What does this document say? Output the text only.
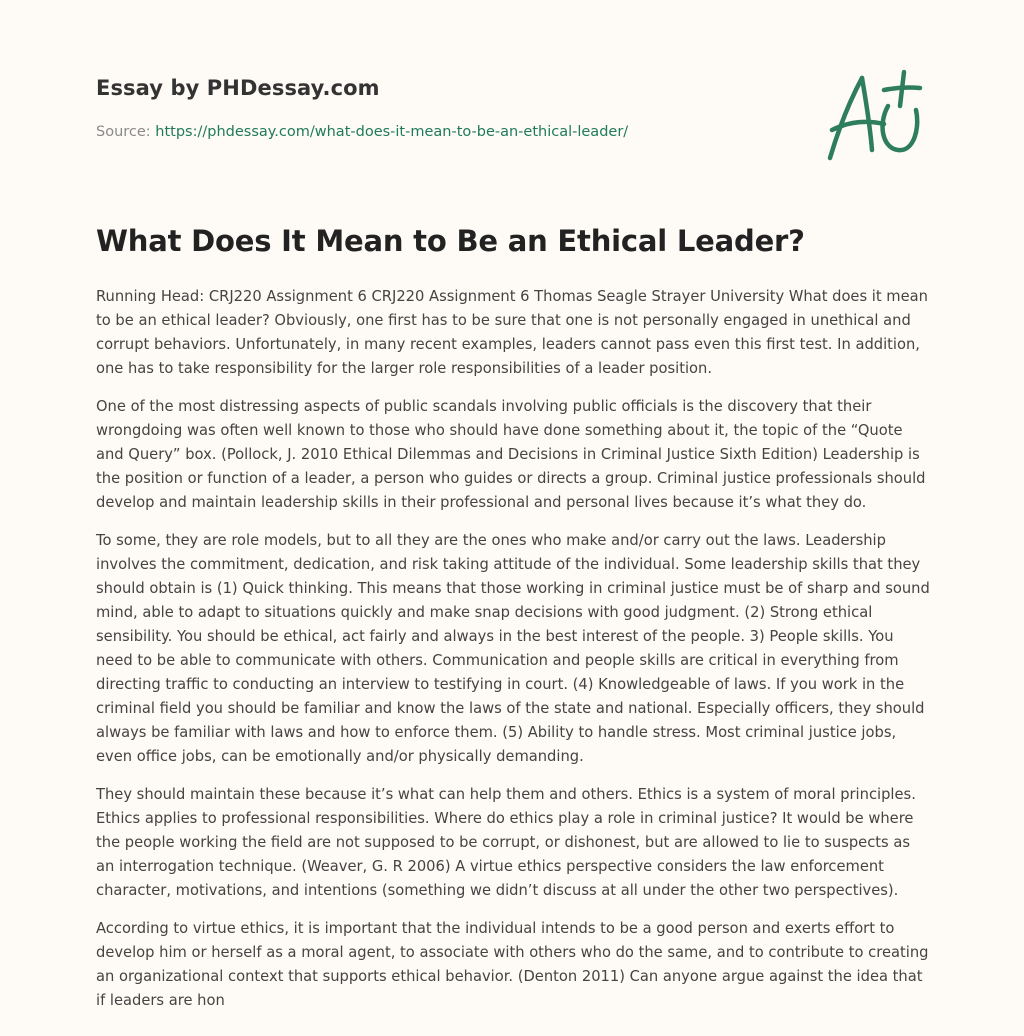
Essay by PHDessay.com
Source: https://phdessay.com/what-does-it-mean-to-be-an-ethical-leader/
What Does It Mean to Be an Ethical Leader?

Running Head: CRJ220 Assignment 6 CRJ220 Assignment 6 Thomas Seagle Strayer University What does it mean to be an ethical leader? Obviously, one first has to be sure that one is not personally engaged in unethical and corrupt behaviors. Unfortunately, in many recent examples, leaders cannot pass even this first test. In addition, one has to take responsibility for the larger role responsibilities of a leader position.

One of the most distressing aspects of public scandals involving public officials is the discovery that their wrongdoing was often well known to those who should have done something about it, the topic of the “Quote and Query” box. (Pollock, J. 2010 Ethical Dilemmas and Decisions in Criminal Justice Sixth Edition) Leadership is the position or function of a leader, a person who guides or directs a group. Criminal justice professionals should develop and maintain leadership skills in their professional and personal lives because it’s what they do.

To some, they are role models, but to all they are the ones who make and/or carry out the laws. Leadership involves the commitment, dedication, and risk taking attitude of the individual. Some leadership skills that they should obtain is (1) Quick thinking. This means that those working in criminal justice must be of sharp and sound mind, able to adapt to situations quickly and make snap decisions with good judgment. (2) Strong ethical sensibility. You should be ethical, act fairly and always in the best interest of the people. 3) People skills. You need to be able to communicate with others. Communication and people skills are critical in everything from directing traffic to conducting an interview to testifying in court. (4) Knowledgeable of laws. If you work in the criminal field you should be familiar and know the laws of the state and national. Especially officers, they should always be familiar with laws and how to enforce them. (5) Ability to handle stress. Most criminal justice jobs, even office jobs, can be emotionally and/or physically demanding.

They should maintain these because it’s what can help them and others. Ethics is a system of moral principles. Ethics applies to professional responsibilities. Where do ethics play a role in criminal justice? It would be where the people working the field are not supposed to be corrupt, or dishonest, but are allowed to lie to suspects as an interrogation technique. (Weaver, G. R 2006) A virtue ethics perspective considers the law enforcement character, motivations, and intentions (something we didn’t discuss at all under the other two perspectives).

According to virtue ethics, it is important that the individual intends to be a good person and exerts effort to develop him or herself as a moral agent, to associate with others who do the same, and to contribute to creating an organizational context that supports ethical behavior. (Denton 2011) Can anyone argue against the idea that if leaders are hon
